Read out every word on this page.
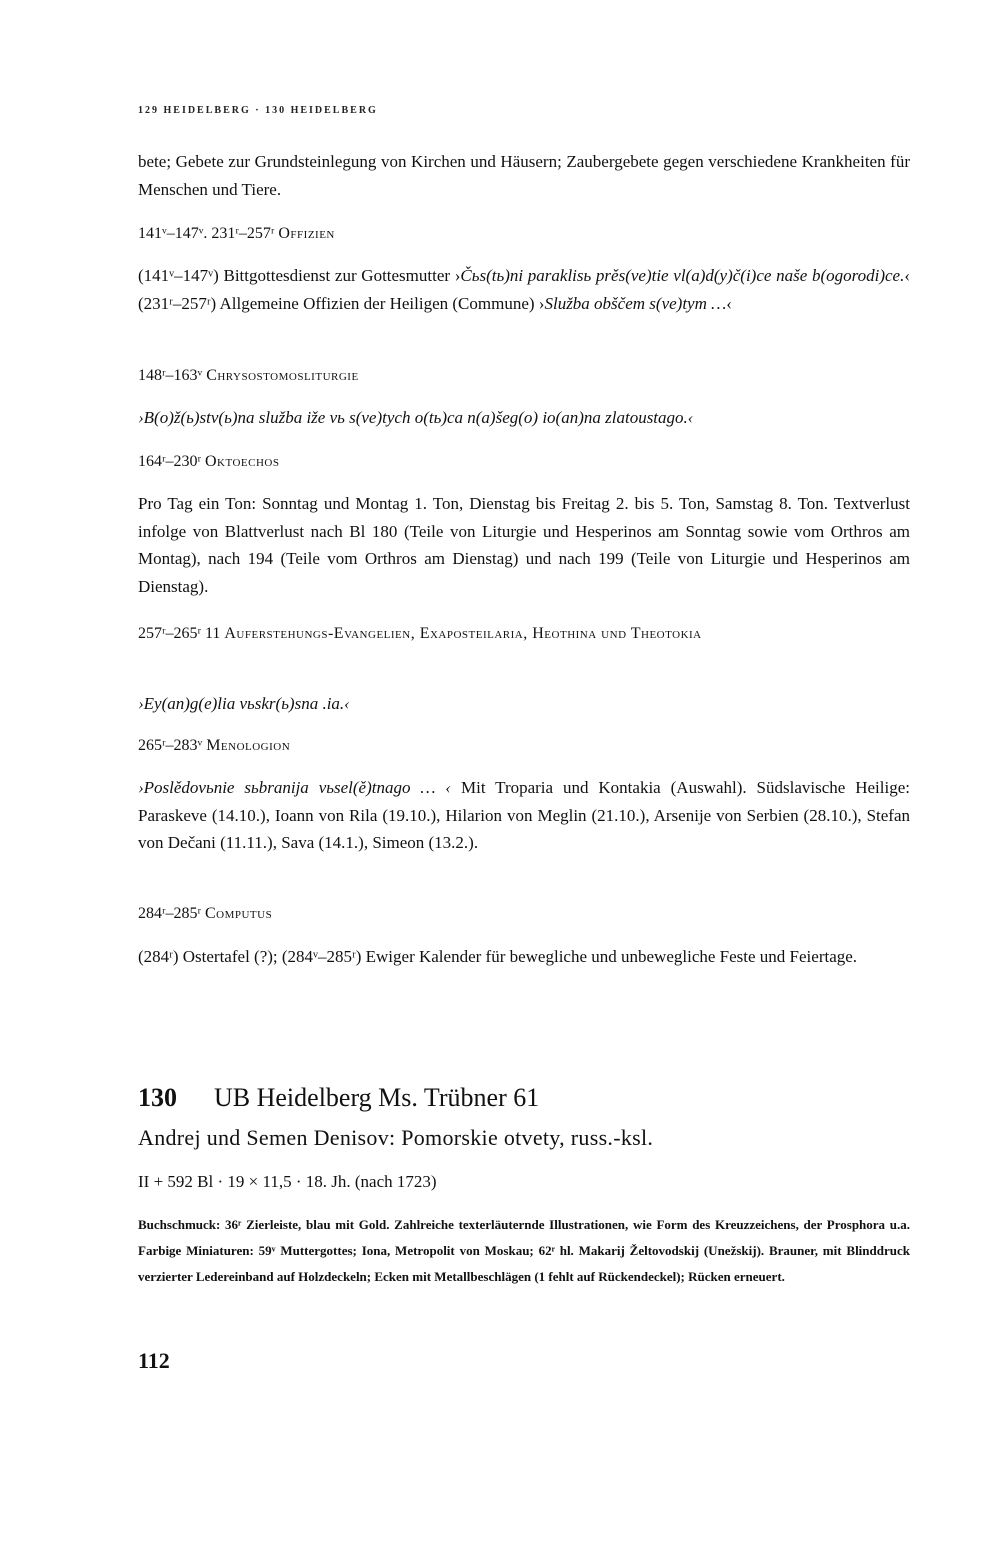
129 HEIDELBERG · 130 HEIDELBERG

bete; Gebete zur Grundsteinlegung von Kirchen und Häusern; Zaubergebete gegen verschiedene Krankheiten für Menschen und Tiere.

141ᵛ–147ᵛ. 231ʳ–257ʳ Offizien

(141ᵛ–147ᵛ) Bittgottesdienst zur Gottesmutter ›Čьs(tь)ni paraklisь prěs(ve)tie vl(a)d(y)č(i)ce naše b(ogorodi)ce.‹ (231ʳ–257ʳ) Allgemeine Offizien der Heiligen (Commune) ›Služba obščem s(ve)tym …‹

148ʳ–163ᵛ Chrysostomosliturgie

›B(o)ž(ь)stv(ь)na služba iže vь s(ve)tych o(tь)ca n(a)šeg(o) io(an)na zlatoustago.‹

164ʳ–230ʳ Oktoechos

Pro Tag ein Ton: Sonntag und Montag 1. Ton, Dienstag bis Freitag 2. bis 5. Ton, Samstag 8. Ton. Textverlust infolge von Blattverlust nach Bl 180 (Teile von Liturgie und Hesperinos am Sonntag sowie vom Orthros am Montag), nach 194 (Teile vom Orthros am Dienstag) und nach 199 (Teile von Liturgie und Hesperinos am Dienstag).

257ʳ–265ʳ 11 Auferstehungs-Evangelien, Exaposteilaria, Heothina und Theotokia

›Eу(an)g(e)lia vьskr(ь)sna .ia.‹

265ʳ–283ᵛ Menologion

›Poslědovьnie sьbranija vьsel(ě)tnago … ‹ Mit Troparia und Kontakia (Auswahl). Südslavische Heilige: Paraskeve (14.10.), Ioann von Rila (19.10.), Hilarion von Meglin (21.10.), Arsenije von Serbien (28.10.), Stefan von Dečani (11.11.), Sava (14.1.), Simeon (13.2.).

284ʳ–285ʳ Computus

(284ʳ) Ostertafel (?); (284ᵛ–285ʳ) Ewiger Kalender für bewegliche und unbewegliche Feste und Feiertage.

130 UB Heidelberg Ms. Trübner 61
Andrej und Semen Denisov: Pomorskie otvety, russ.-ksl.
II + 592 Bl · 19 × 11,5 · 18. Jh. (nach 1723)

Buchschmuck: 36ʳ Zierleiste, blau mit Gold. Zahlreiche texterläuternde Illustrationen, wie Form des Kreuzzeichens, der Prosphora u.a. Farbige Miniaturen: 59ᵛ Muttergottes; Iona, Metropolit von Moskau; 62ʳ hl. Makarij Želtovodskij (Unežskij). Brauner, mit Blinddruck verzierter Ledereinband auf Holzdeckeln; Ecken mit Metallbeschlägen (1 fehlt auf Rückendeckel); Rücken erneuert.

112
